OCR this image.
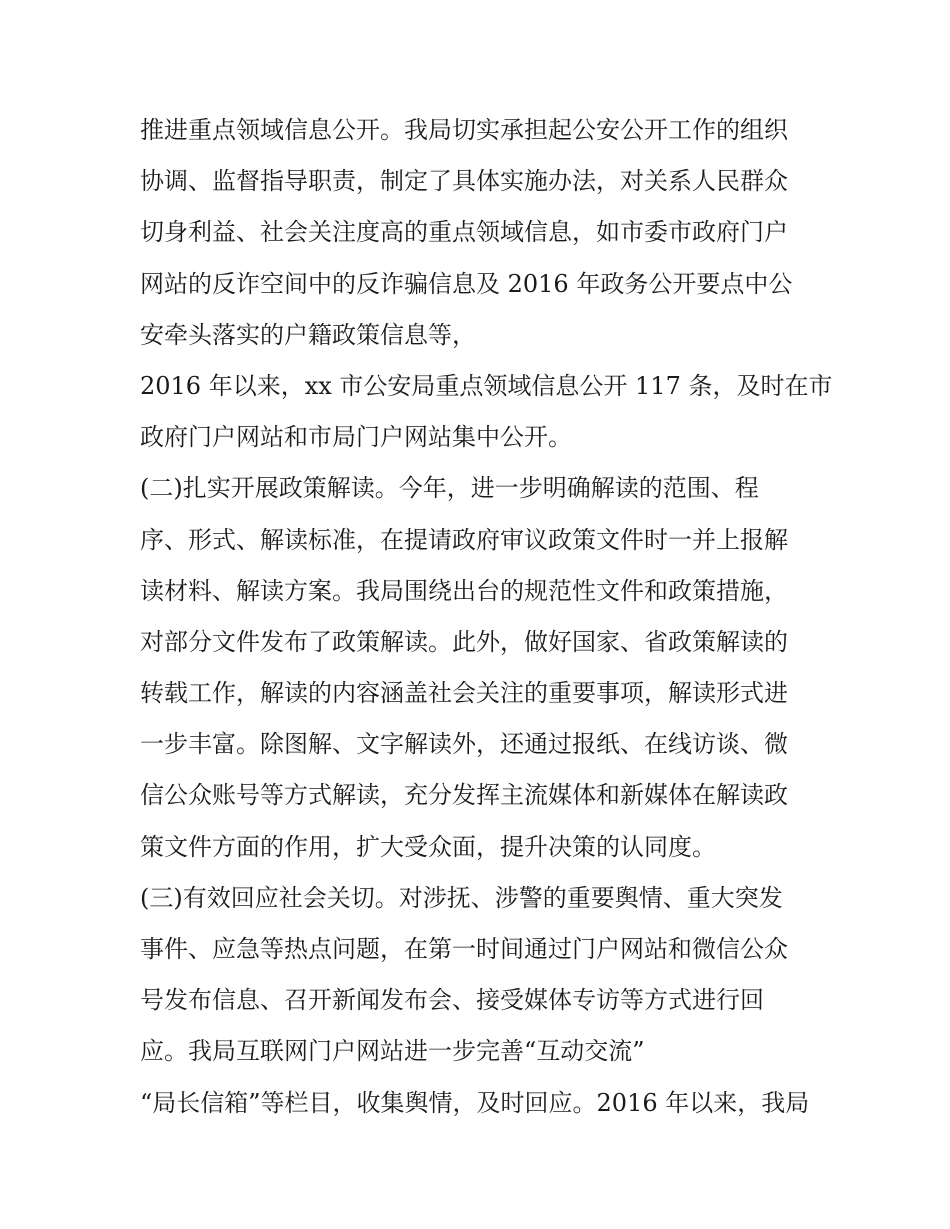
推进重点领域信息公开。我局切实承担起公安公开工作的组织
协调、监督指导职责，制定了具体实施办法，对关系人民群众
切身利益、社会关注度高的重点领域信息，如市委市政府门户
网站的反诈空间中的反诈骗信息及 2016 年政务公开要点中公
安牵头落实的户籍政策信息等，
2016 年以来，xx 市公安局重点领域信息公开 117 条，及时在市
政府门户网站和市局门户网站集中公开。
(二)扎实开展政策解读。今年，进一步明确解读的范围、程
序、形式、解读标准，在提请政府审议政策文件时一并上报解
读材料、解读方案。我局围绕出台的规范性文件和政策措施，
对部分文件发布了政策解读。此外，做好国家、省政策解读的
转载工作，解读的内容涵盖社会关注的重要事项，解读形式进
一步丰富。除图解、文字解读外，还通过报纸、在线访谈、微
信公众账号等方式解读，充分发挥主流媒体和新媒体在解读政
策文件方面的作用，扩大受众面，提升决策的认同度。
(三)有效回应社会关切。对涉抚、涉警的重要舆情、重大突发
事件、应急等热点问题，在第一时间通过门户网站和微信公众
号发布信息、召开新闻发布会、接受媒体专访等方式进行回
应。我局互联网门户网站进一步完善“互动交流”
“局长信箱”等栏目，收集舆情，及时回应。2016 年以来，我局
